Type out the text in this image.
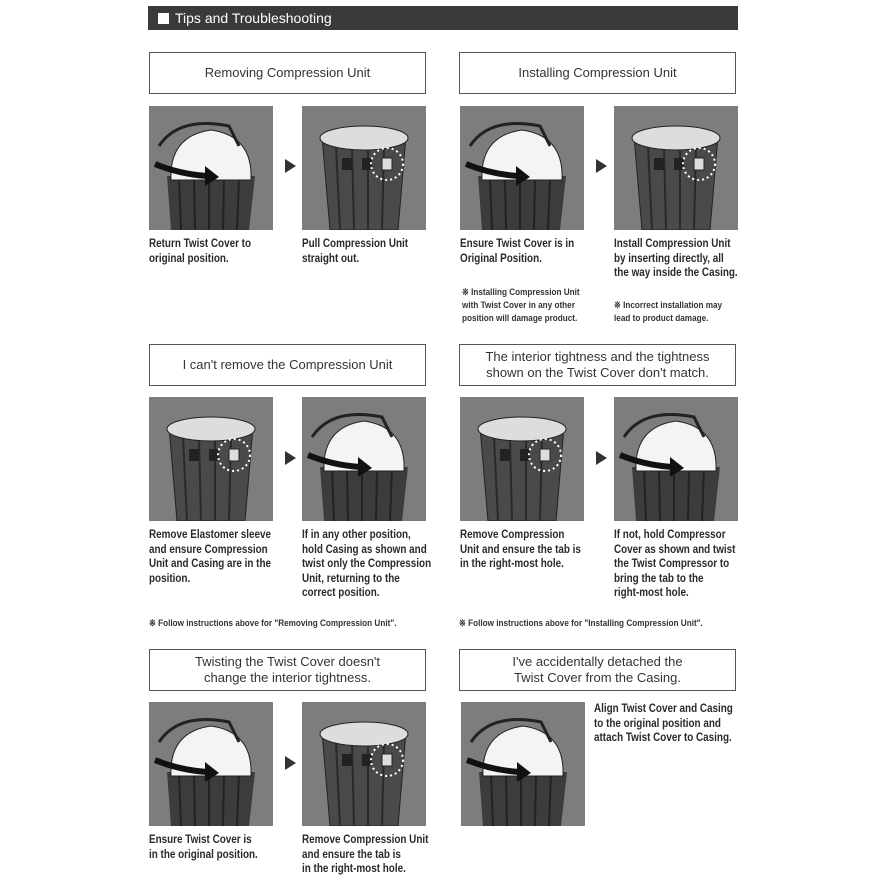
Tips and Troubleshooting
Removing Compression Unit
Return Twist Cover to
original position.
Pull Compression Unit
straight out.
Installing Compression Unit
Ensure Twist Cover is in
Original Position.
Install Compression Unit
by inserting directly, all
the way inside the Casing.
※ Installing Compression Unit
with Twist Cover in any other
position will damage product.
※ Incorrect installation may
lead to product damage.
I can't remove the Compression Unit
Remove Elastomer sleeve
and ensure Compression
Unit and Casing are in the
position.
If in any other position,
hold Casing as shown and
twist only the Compression
Unit, returning to the
correct position.
※ Follow instructions above for "Removing Compression Unit".
The interior tightness and the tightness
shown on the Twist Cover don't match.
Remove Compression
Unit and ensure the tab is
in the right-most hole.
If not, hold Compressor
Cover as shown and twist
the Twist Compressor to
bring the tab to the
right-most hole.
※ Follow instructions above for "Installing Compression Unit".
Twisting the Twist Cover doesn't
change the interior tightness.
Ensure Twist Cover is
in the original position.
Remove Compression Unit
and ensure the tab is
in the right-most hole.
I've accidentally detached the
Twist Cover from the Casing.
Align Twist Cover and Casing
to the original position and
attach Twist Cover to Casing.
